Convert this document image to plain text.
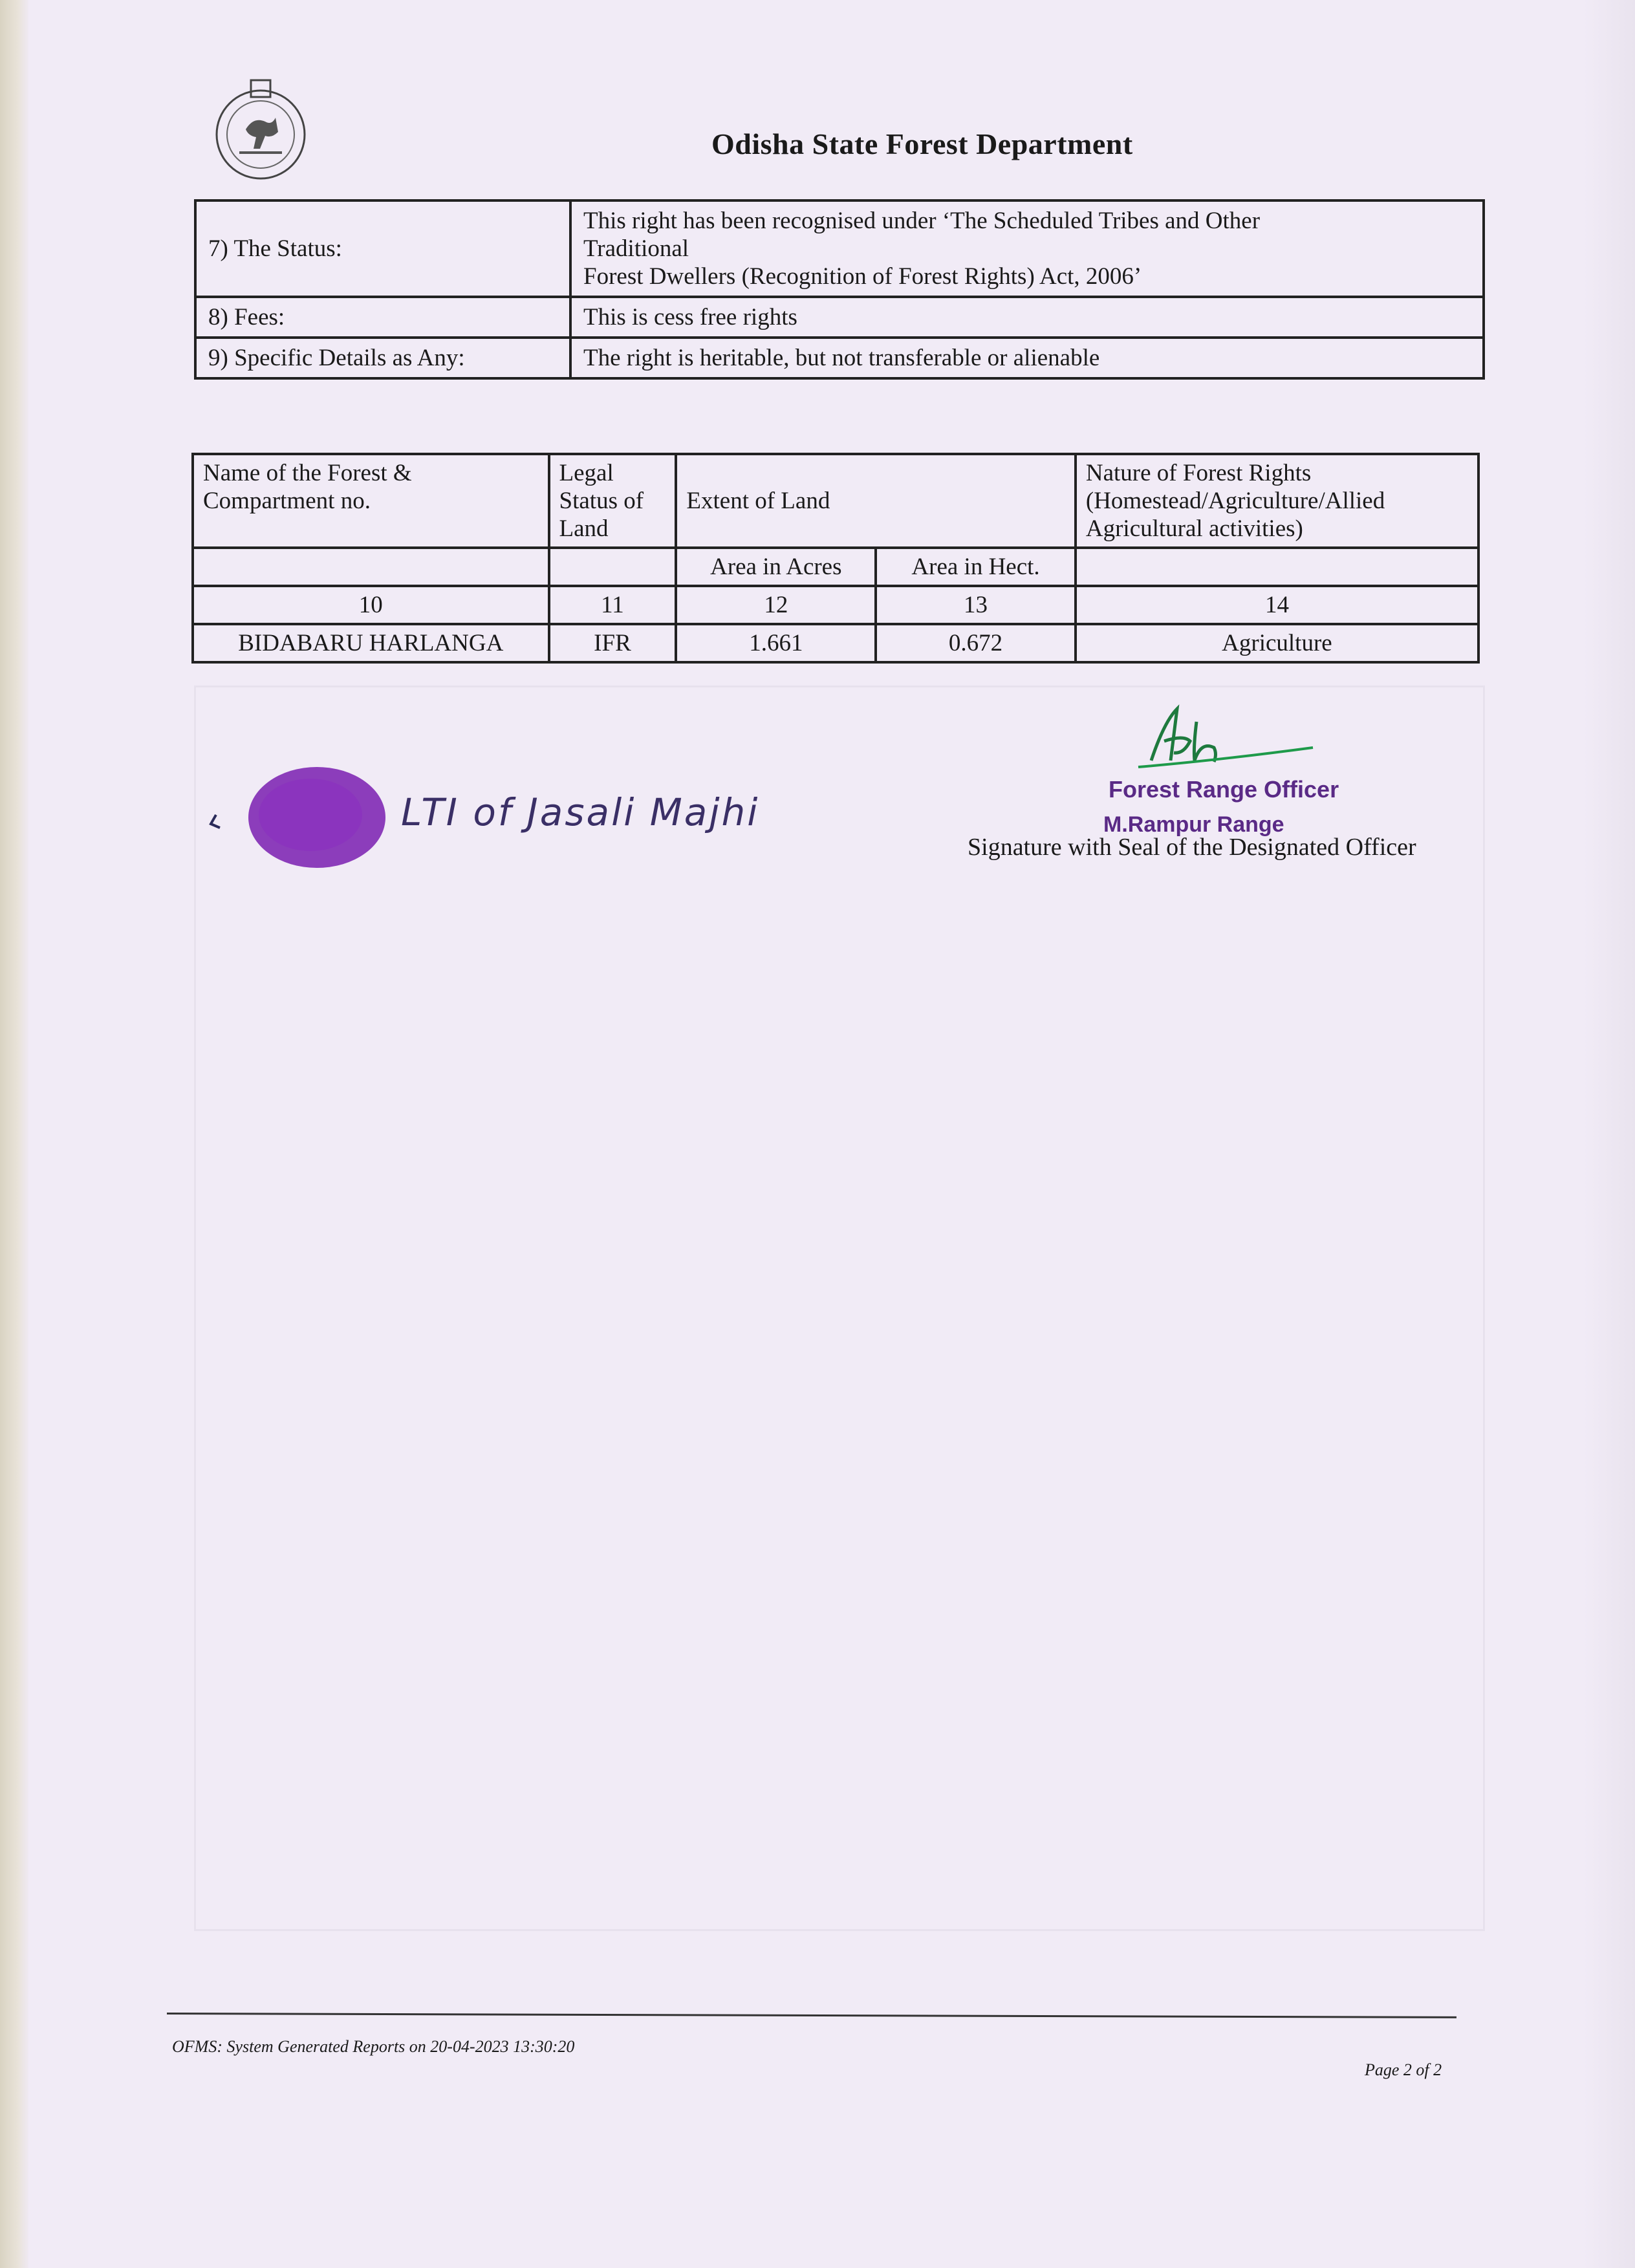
Odisha State Forest Department
7) The Status:	This right has been recognised under ‘The Scheduled Tribes and Other
Traditional
Forest Dwellers (Recognition of Forest Rights) Act, 2006’

8) Fees:	This is cess free rights
9) Specific Details as Any:	The right is heritable, but not transferable or alienable
Name of the Forest & Compartment no.	Legal Status of Land	Extent of Land		Nature of Forest Rights (Homestead/Agriculture/Allied Agricultural activities)
		Area in Acres	Area in Hect.	
10	11	12	13	14
BIDABARU HARLANGA	IFR	1.661	0.672	Agriculture
Forest Range Officer
M.Rampur Range
Signature with Seal of the Designated Officer
LTI of Jasali Majhi
OFMS: System Generated Reports on 20-04-2023 13:30:20
Page 2 of 2
